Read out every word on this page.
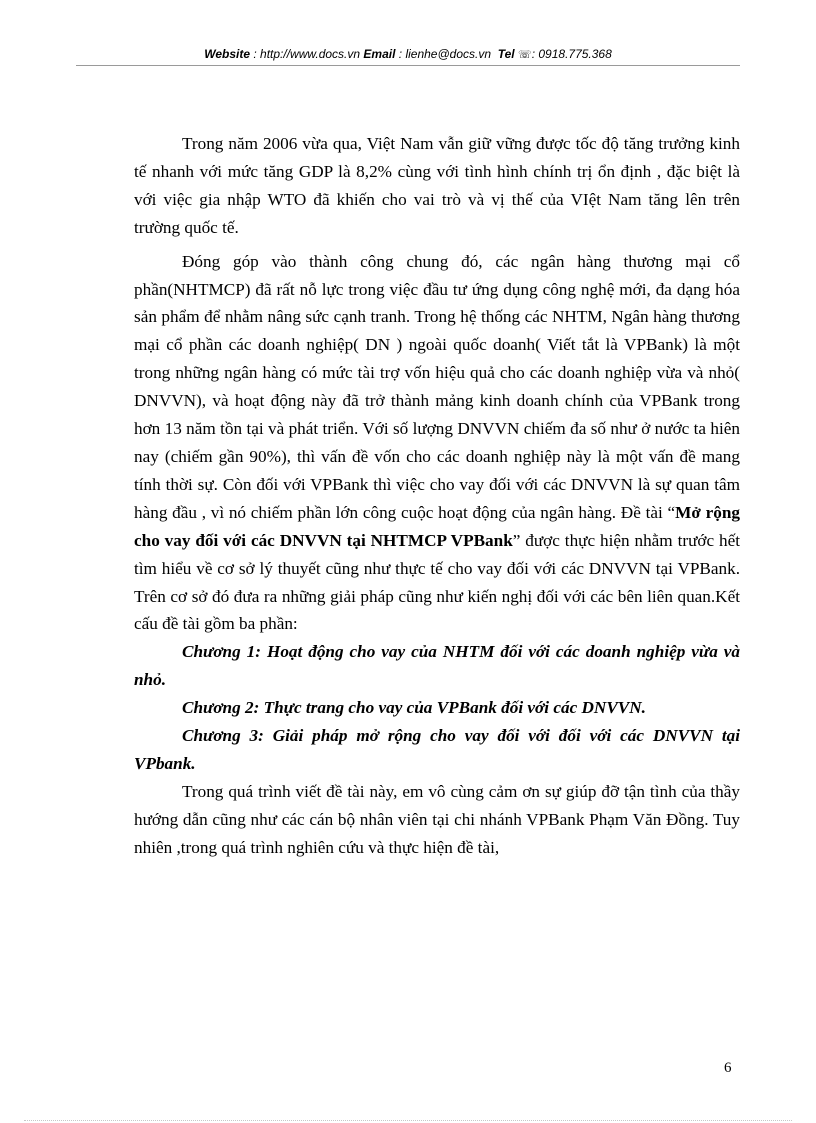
Website : http://www.docs.vn Email : lienhe@docs.vn Tel ☏: 0918.775.368

Trong năm 2006 vừa qua, Việt Nam vẫn giữ vững được tốc độ tăng trưởng kinh tế nhanh với mức tăng GDP là 8,2% cùng với tình hình chính trị ổn định , đặc biệt là với việc gia nhập WTO đã khiến cho vai trò và vị thế của VIệt Nam tăng lên trên trường quốc tế.

Đóng góp vào thành công chung đó, các ngân hàng thương mại cổ phần(NHTMCP) đã rất nỗ lực trong việc đầu tư ứng dụng công nghệ mới, đa dạng hóa sản phẩm để nhằm nâng sức cạnh tranh. Trong hệ thống các NHTM, Ngân hàng thương mại cổ phần các doanh nghiệp( DN ) ngoài quốc doanh( Viết tắt là VPBank) là một trong những ngân hàng có mức tài trợ vốn hiệu quả cho các doanh nghiệp vừa và nhỏ( DNVVN), và hoạt động này đã trở thành mảng kinh doanh chính của VPBank trong hơn 13 năm tồn tại và phát triển. Với số lượng DNVVN chiếm đa số như ở nước ta hiên nay (chiếm gần 90%), thì vấn đề vốn cho các doanh nghiệp này là một vấn đề mang tính thời sự. Còn đối với VPBank thì việc cho vay đối với các DNVVN là sự quan tâm hàng đầu , vì nó chiếm phần lớn công cuộc hoạt động của ngân hàng. Đề tài “Mở rộng cho vay đối với các DNVVN tại NHTMCP VPBank” được thực hiện nhằm trước hết tìm hiểu về cơ sở lý thuyết cũng như thực tế cho vay đối với các DNVVN tại VPBank. Trên cơ sở đó đưa ra những giải pháp cũng như kiến nghị đối với các bên liên quan.Kết cấu đề tài gồm ba phần:

Chương 1: Hoạt động cho vay của NHTM đối với các doanh nghiệp vừa và nhỏ.

Chương 2: Thực trang cho vay của VPBank đối với các DNVVN.

Chương 3: Giải pháp mở rộng cho vay đối với đối với các DNVVN tại VPbank.

Trong quá trình viết đề tài này, em vô cùng cảm ơn sự giúp đỡ tận tình của thầy hướng dẫn cũng như các cán bộ nhân viên tại chi nhánh VPBank Phạm Văn Đồng. Tuy nhiên ,trong quá trình nghiên cứu và thực hiện đề tài,

6
